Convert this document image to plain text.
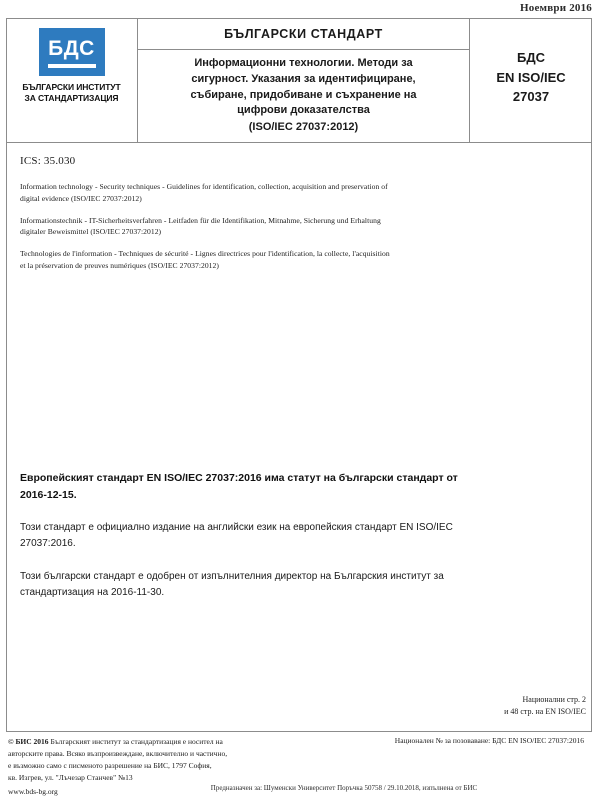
Ноември 2016
БДС
БЪЛГАРСКИ ИНСТИТУТ
ЗА СТАНДАРТИЗАЦИЯ
БЪЛГАРСКИ СТАНДАРТ
Информационни технологии. Методи за
сигурност. Указания за идентифициране,
събиране, придобиване и съхранение на
цифрови доказателства
(ISO/IEC 27037:2012)
БДС
EN ISO/IEC
27037
ICS: 35.030
Information technology - Security techniques - Guidelines for identification, collection, acquisition and preservation of digital evidence (ISO/IEC 27037:2012)
Informationstechnik - IT-Sicherheitsverfahren - Leitfaden für die Identifikation, Mitnahme, Sicherung und Erhaltung digitaler Beweismittel (ISO/IEC 27037:2012)
Technologies de l'information - Techniques de sécurité - Lignes directrices pour l'identification, la collecte, l'acquisition et la préservation de preuves numériques (ISO/IEC 27037:2012)
Европейският стандарт EN ISO/IEC 27037:2016 има статут на български стандарт от 2016-12-15.
Този стандарт е официално издание на английски език на европейския стандарт EN ISO/IEC 27037:2016.
Този български стандарт е одобрен от изпълнителния директор на Българския институт за стандартизация на 2016-11-30.
Национални стр. 2
и 48 стр. на EN ISO/IEC
© БИС 2016 Българският институт за стандартизация е носител на
авторските права. Всяко възпроизвеждане, включително и частично,
е възможно само с писменото разрешение на БИС, 1797 София,
кв. Изгрев, ул. "Лъчезар Станчев" №13
www.bds-bg.org
Национален № за позоваване: БДС EN ISO/IEC 27037:2016
Предназначен за: Шуменски Университет Поръчка 50758 / 29.10.2018, изпълнена от БИС
